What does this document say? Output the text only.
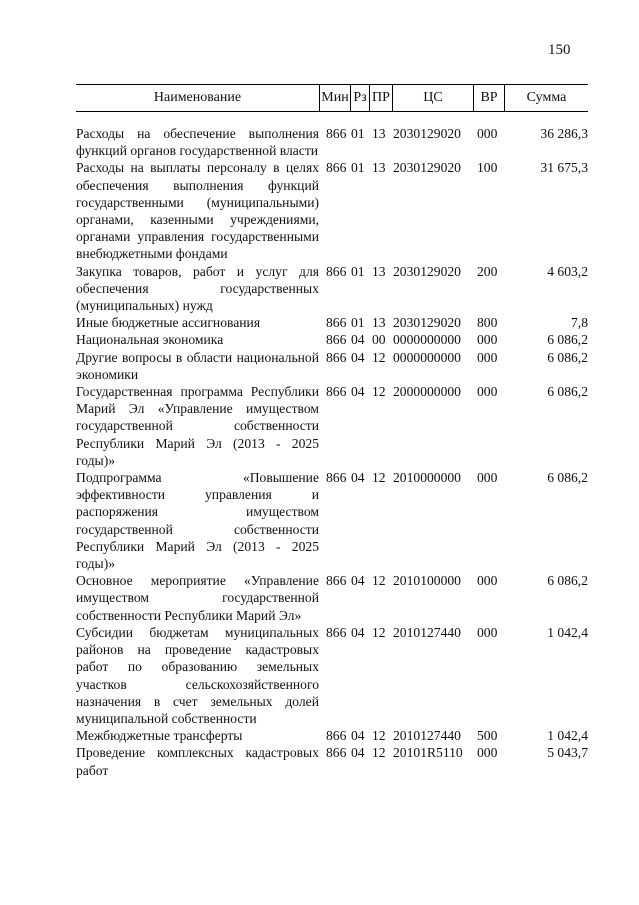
150
Наименование	Мин Рз ПР	ЦС	ВР	Сумма
Расходы на обеспечение выполнения функций органов государственной власти
866 01 13 2030129020 000	36 286,3
Расходы на выплаты персоналу в целях обеспечения выполнения функций государственными (муниципальными) органами, казенными учреждениями, органами управления государственными внебюджетными фондами
866 01 13 2030129020 100	31 675,3
Закупка товаров, работ и услуг для обеспечения государственных (муниципальных) нужд
866 01 13 2030129020 200	4 603,2
Иные бюджетные ассигнования	866 01 13 2030129020 800	7,8
Национальная экономика	866 04 00 0000000000 000	6 086,2
Другие вопросы в области национальной экономики
866 04 12 0000000000 000	6 086,2
Государственная программа Республики Марий Эл «Управление имуществом государственной собственности Республики Марий Эл (2013 - 2025 годы)»
866 04 12 2000000000 000	6 086,2
Подпрограмма «Повышение эффективности управления и распоряжения имуществом государственной собственности Республики Марий Эл (2013 - 2025 годы)»
866 04 12 2010000000 000	6 086,2
Основное мероприятие «Управление имуществом государственной собственности Республики Марий Эл»
866 04 12 2010100000 000	6 086,2
Субсидии бюджетам муниципальных районов на проведение кадастровых работ по образованию земельных участков сельскохозяйственного назначения в счет земельных долей муниципальной собственности
866 04 12 2010127440 000	1 042,4
Межбюджетные трансферты	866 04 12 2010127440 500	1 042,4
Проведение комплексных кадастровых работ
866 04 12 20101R5110 000	5 043,7
